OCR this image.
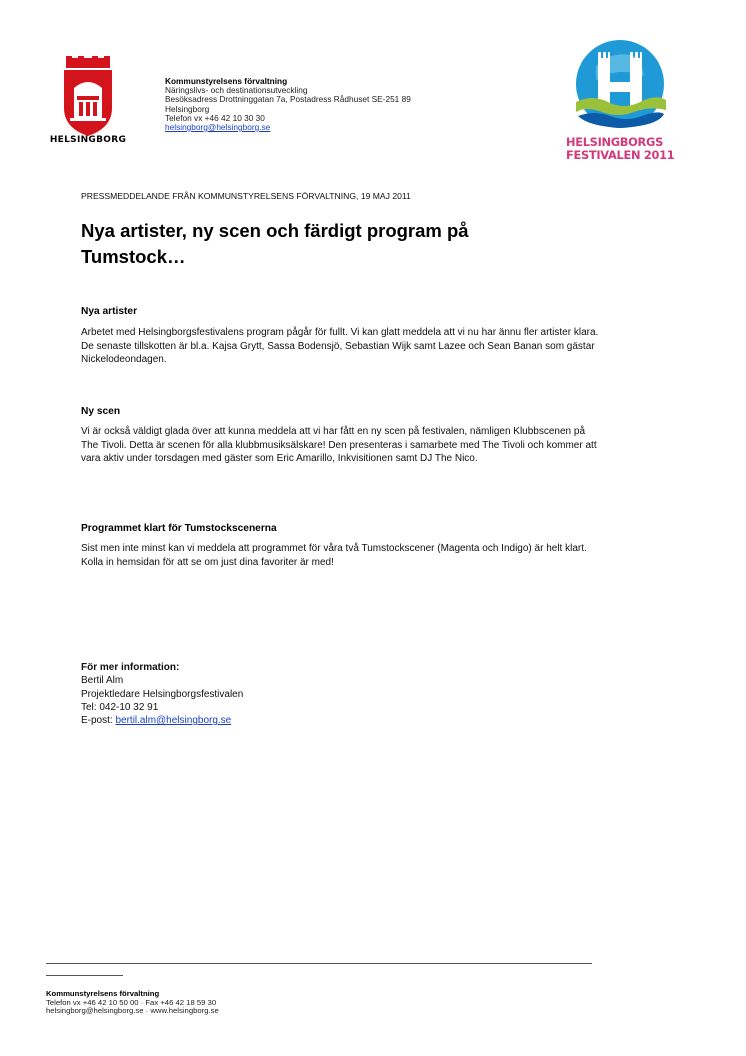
HELSINGBORG
Kommunstyrelsens förvaltning
Näringslivs- och destinationsutveckling
Besöksadress Drottninggatan 7a, Postadress Rådhuset SE-251 89
Helsingborg
Telefon vx +46 42 10 30 30
helsingborg@helsingborg.se
HELSINGBORGS
FESTIVALEN 2011
PRESSMEDDELANDE FRÅN KOMMUNSTYRELSENS FÖRVALTNING, 19 MAJ 2011
Nya artister, ny scen och färdigt program på Tumstock…
Nya artister
Arbetet med Helsingborgsfestivalens program pågår för fullt. Vi kan glatt meddela att vi nu har ännu fler artister klara. De senaste tillskotten är bl.a. Kajsa Grytt, Sassa Bodensjö, Sebastian Wijk samt Lazee och Sean Banan som gästar Nickelodeondagen.
Ny scen
Vi är också väldigt glada över att kunna meddela att vi har fått en ny scen på festivalen, nämligen Klubbscenen på The Tivoli. Detta är scenen för alla klubbmusiksälskare! Den presenteras i samarbete med The Tivoli och kommer att vara aktiv under torsdagen med gäster som Eric Amarillo, Inkvisitionen samt DJ The Nico.
Programmet klart för Tumstockscenerna
Sist men inte minst kan vi meddela att programmet för våra två Tumstockscener (Magenta och Indigo) är helt klart. Kolla in hemsidan för att se om just dina favoriter är med!
För mer information:
Bertil Alm
Projektledare Helsingborgsfestivalen
Tel: 042-10 32 91
E-post: bertil.alm@helsingborg.se
Kommunstyrelsens förvaltning
Telefon vx +46 42 10 50 00 · Fax +46 42 18 59 30
helsingborg@helsingborg.se · www.helsingborg.se
